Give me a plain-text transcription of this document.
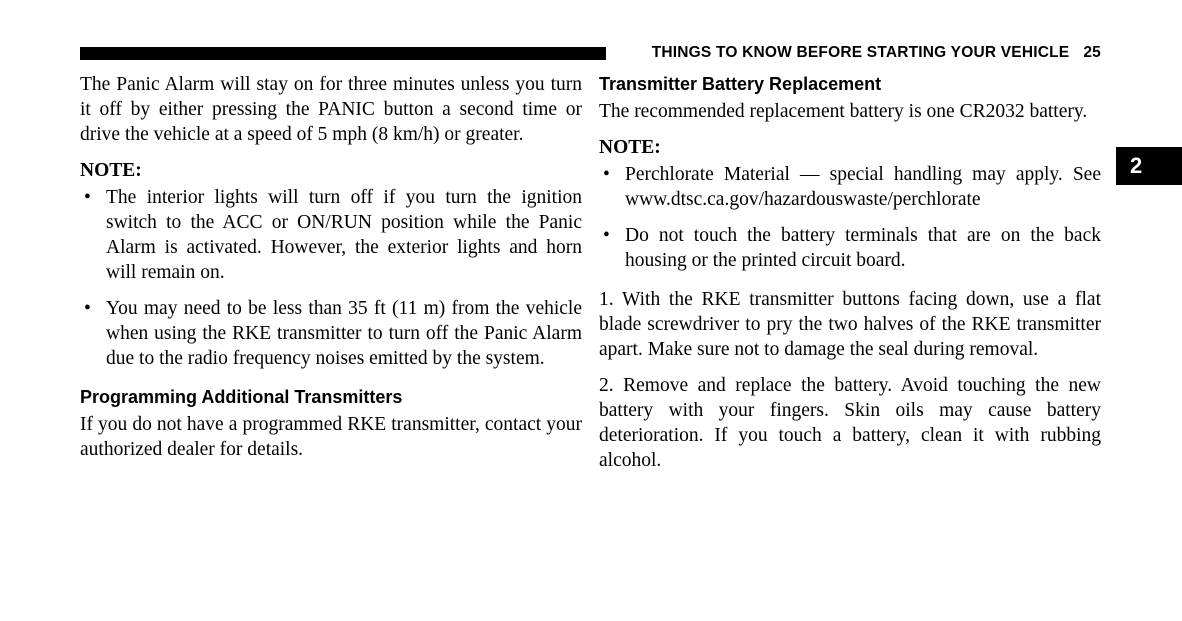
THINGS TO KNOW BEFORE STARTING YOUR VEHICLE 25
2

The Panic Alarm will stay on for three minutes unless you turn it off by either pressing the PANIC button a second time or drive the vehicle at a speed of 5 mph (8 km/h) or greater.

NOTE:
• The interior lights will turn off if you turn the ignition switch to the ACC or ON/RUN position while the Panic Alarm is activated. However, the exterior lights and horn will remain on.
• You may need to be less than 35 ft (11 m) from the vehicle when using the RKE transmitter to turn off the Panic Alarm due to the radio frequency noises emitted by the system.
Programming Additional Transmitters

If you do not have a programmed RKE transmitter, contact your authorized dealer for details.

Transmitter Battery Replacement

The recommended replacement battery is one CR2032 battery.

NOTE:
• Perchlorate Material — special handling may apply. See www.dtsc.ca.gov/hazardouswaste/perchlorate
• Do not touch the battery terminals that are on the back housing or the printed circuit board.

1. With the RKE transmitter buttons facing down, use a flat blade screwdriver to pry the two halves of the RKE transmitter apart. Make sure not to damage the seal during removal.

2. Remove and replace the battery. Avoid touching the new battery with your fingers. Skin oils may cause battery deterioration. If you touch a battery, clean it with rubbing alcohol.
